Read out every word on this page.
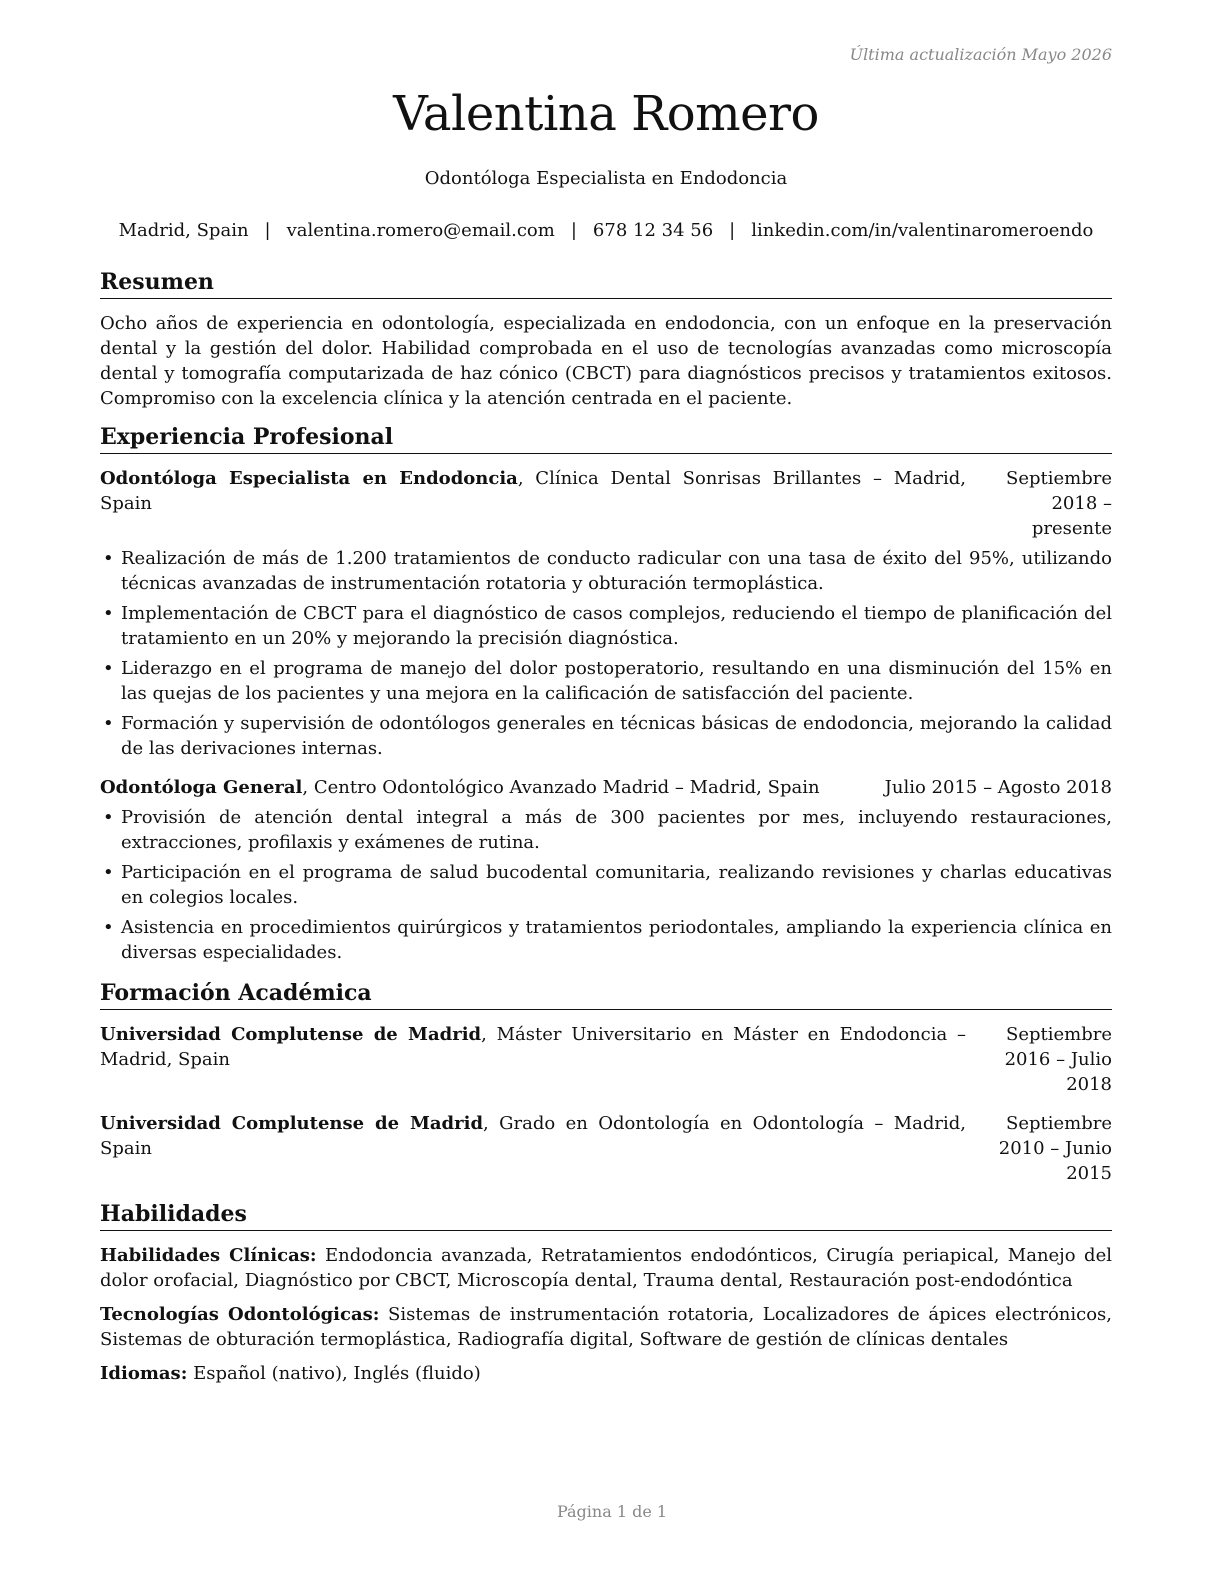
Última actualización Mayo 2026
Valentina Romero
Odontóloga Especialista en Endodoncia
Madrid, Spain | valentina.romero@email.com | 678 12 34 56 | linkedin.com/in/valentinaromeroendo
Resumen

Ocho años de experiencia en odontología, especializada en endodoncia, con un enfoque en la preservación dental y la gestión del dolor. Habilidad comprobada en el uso de tecnologías avanzadas como microscopía dental y tomografía computarizada de haz cónico (CBCT) para diagnósticos precisos y tratamientos exitosos. Compromiso con la excelencia clínica y la atención centrada en el paciente.

Experiencia Profesional
Odontóloga Especialista en Endodoncia, Clínica Dental Sonrisas Brillantes – Madrid, Spain
Septiembre 2018 – presente
• Realización de más de 1.200 tratamientos de conducto radicular con una tasa de éxito del 95%, utilizando técnicas avanzadas de instrumentación rotatoria y obturación termoplástica.
• Implementación de CBCT para el diagnóstico de casos complejos, reduciendo el tiempo de planificación del tratamiento en un 20% y mejorando la precisión diagnóstica.
• Liderazgo en el programa de manejo del dolor postoperatorio, resultando en una disminución del 15% en las quejas de los pacientes y una mejora en la calificación de satisfacción del paciente.
• Formación y supervisión de odontólogos generales en técnicas básicas de endodoncia, mejorando la calidad de las derivaciones internas.
Odontóloga General, Centro Odontológico Avanzado Madrid – Madrid, Spain	Julio 2015 – Agosto 2018
• Provisión de atención dental integral a más de 300 pacientes por mes, incluyendo restauraciones, extracciones, profilaxis y exámenes de rutina.
• Participación en el programa de salud bucodental comunitaria, realizando revisiones y charlas educativas en colegios locales.
• Asistencia en procedimientos quirúrgicos y tratamientos periodontales, ampliando la experiencia clínica en diversas especialidades.
Formación Académica
Universidad Complutense de Madrid, Máster Universitario en Máster en Endodoncia – Madrid, Spain
Septiembre 2016 – Julio 2018
Universidad Complutense de Madrid, Grado en Odontología en Odontología – Madrid, Spain
Septiembre 2010 – Junio 2015
Habilidades

Habilidades Clínicas: Endodoncia avanzada, Retratamientos endodónticos, Cirugía periapical, Manejo del dolor orofacial, Diagnóstico por CBCT, Microscopía dental, Trauma dental, Restauración post-endodóntica

Tecnologías Odontológicas: Sistemas de instrumentación rotatoria, Localizadores de ápices electrónicos, Sistemas de obturación termoplástica, Radiografía digital, Software de gestión de clínicas dentales

Idiomas: Español (nativo), Inglés (fluido)

Página 1 de 1
